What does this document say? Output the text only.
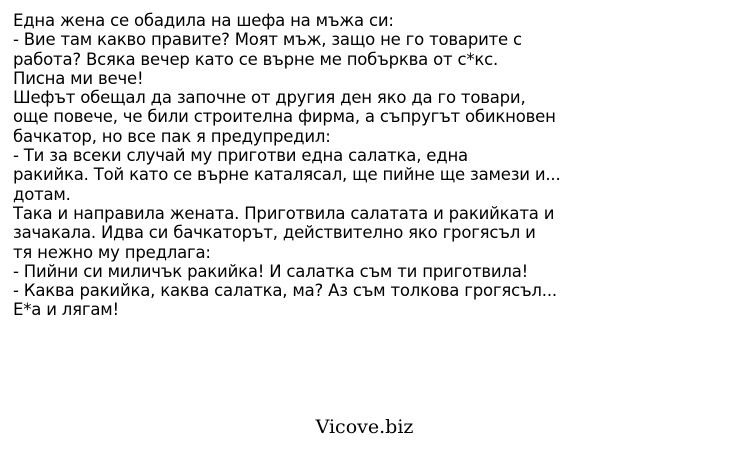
Една жена се обадила на шефа на мъжа си:
- Вие там какво правите? Моят мъж, защо не го товарите с
работа? Всяка вечер като се върне ме побърква от с*кс.
Писна ми вече!
Шефът обещал да започне от другия ден яко да го товари,
още повече, че били строителна фирма, а съпругът обикновен
бачкатор, но все пак я предупредил:
- Ти за всеки случай му приготви една салатка, една
ракийка. Той като се върне каталясал, ще пийне ще замези и...
дотам.
Така и направила жената. Приготвила салатата и ракийката и
зачакала. Идва си бачкаторът, действително яко грогясъл и
тя нежно му предлага:
- Пийни си миличък ракийка! И салатка съм ти приготвила!
- Каква ракийка, каква салатка, ма? Аз съм толкова грогясъл...
Е*а и лягам!
Vicove.biz
